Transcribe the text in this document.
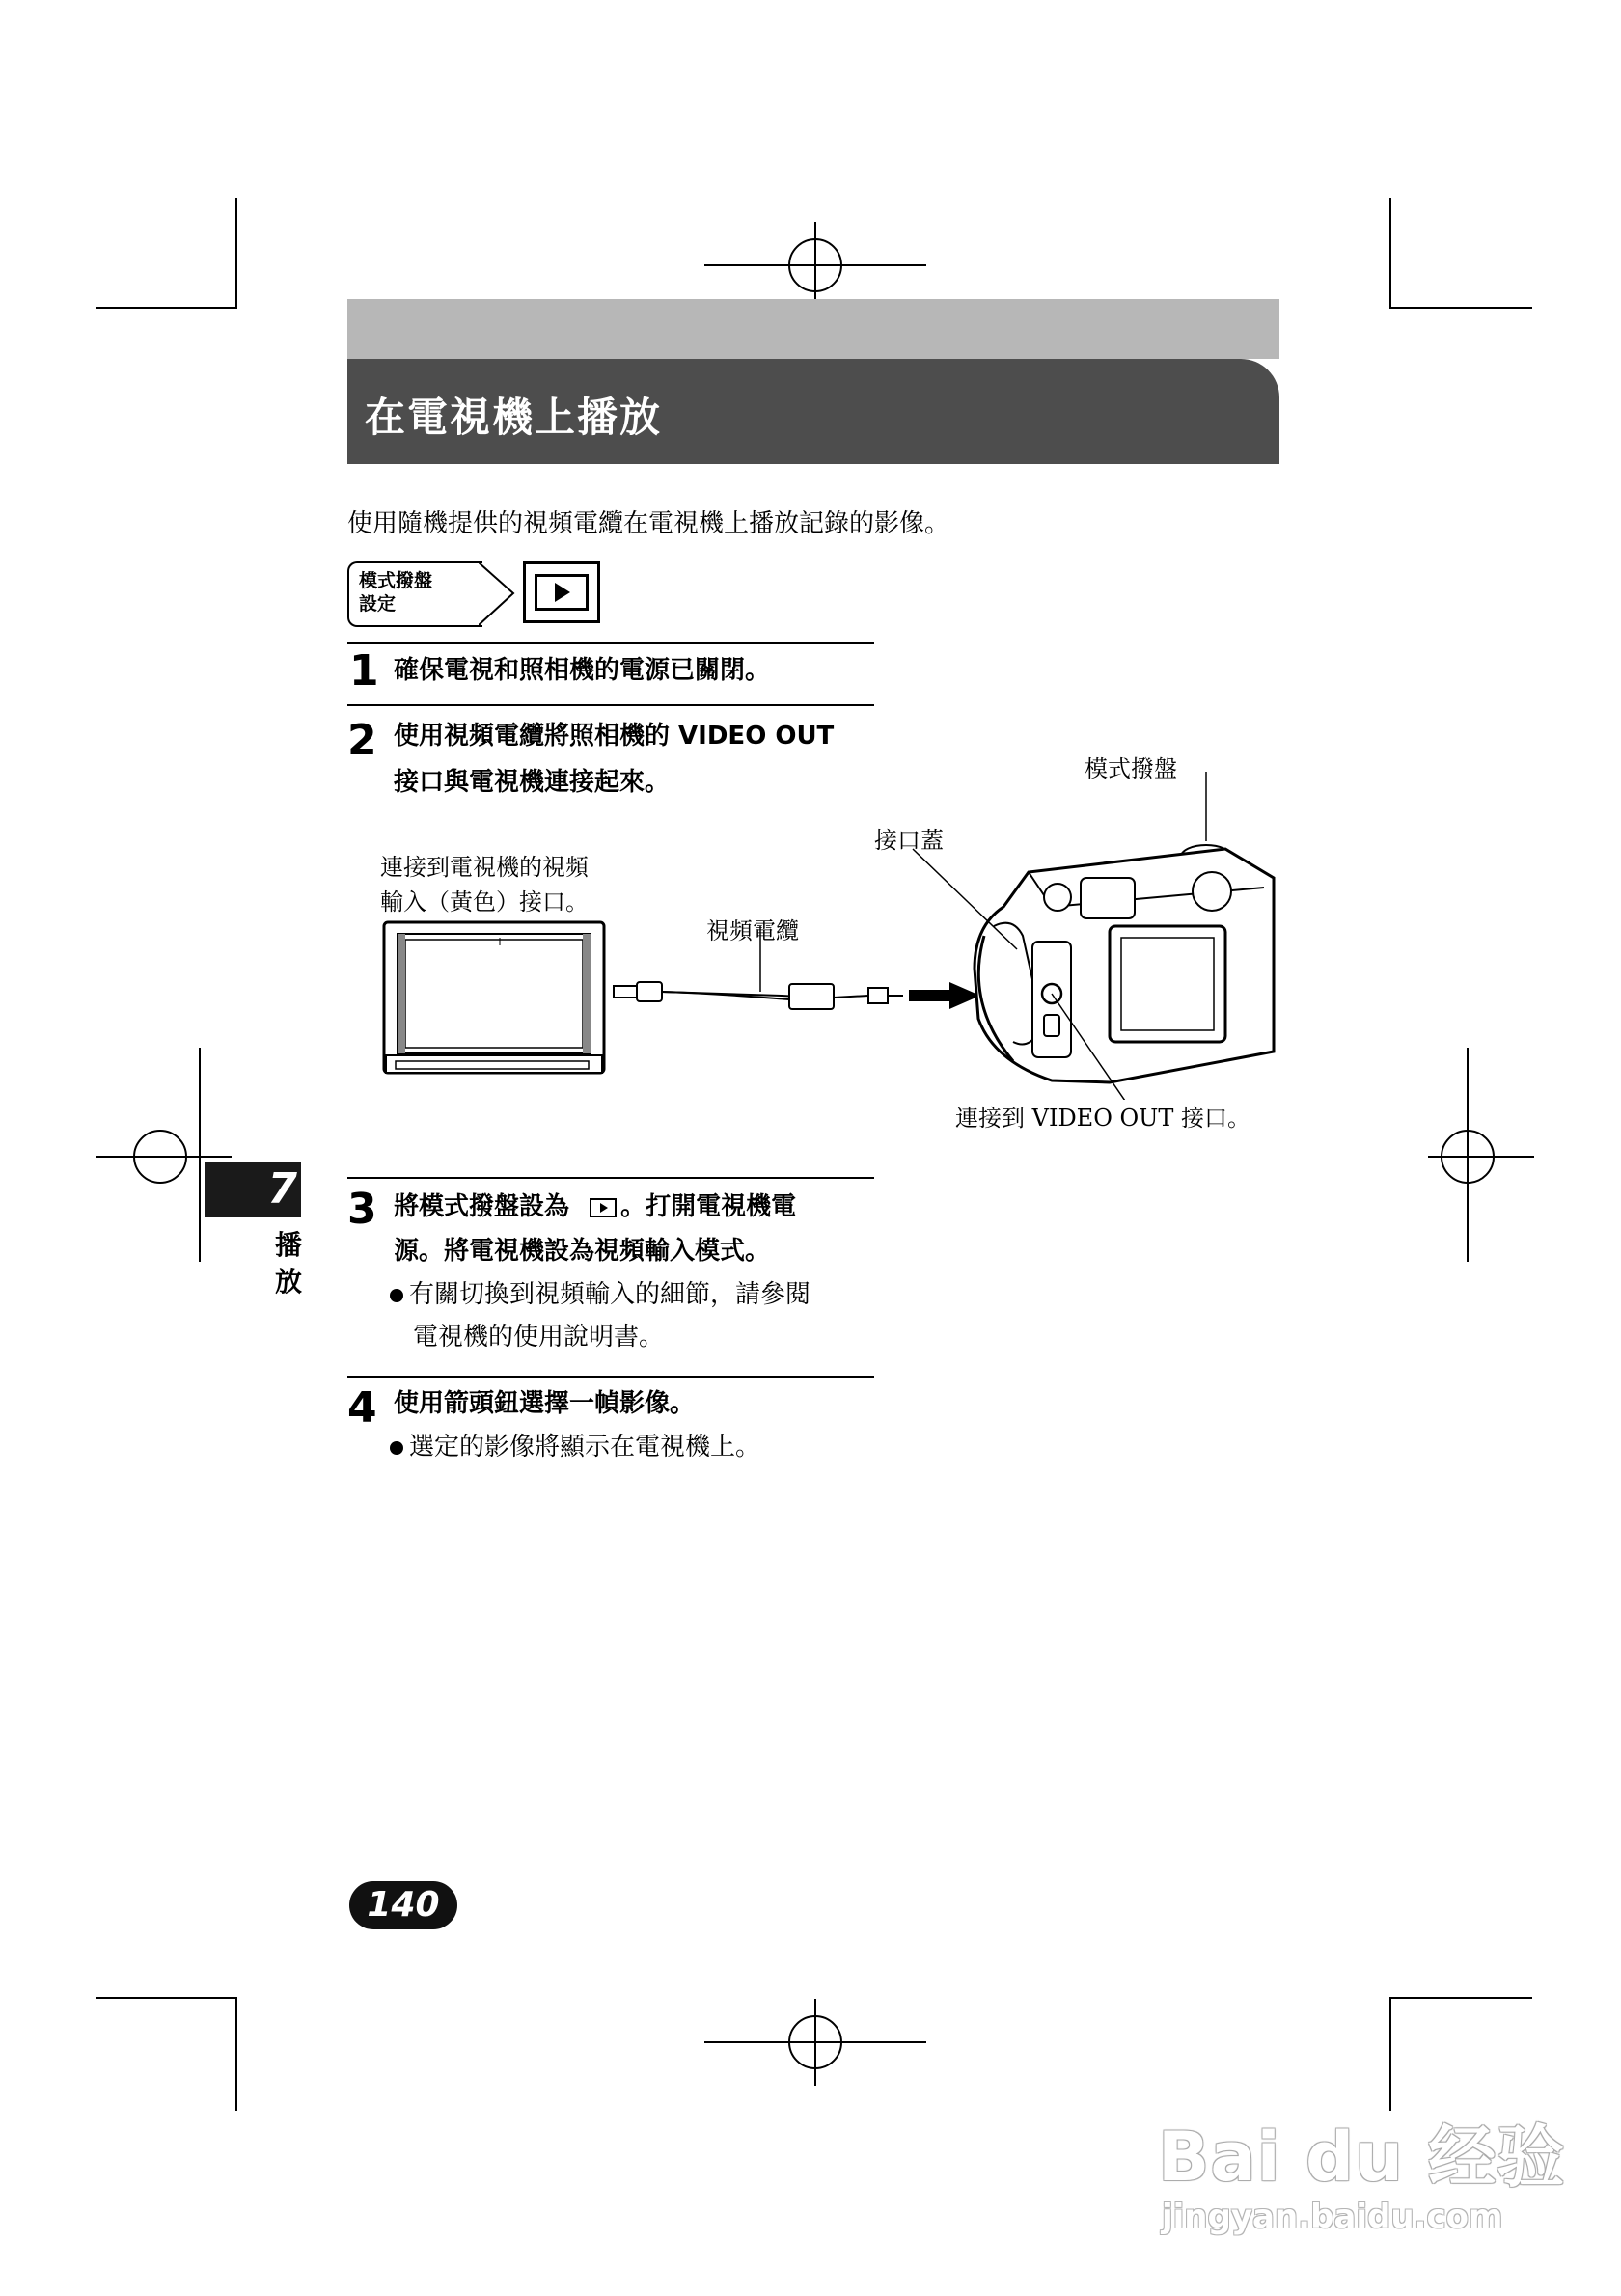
在電視機上播放
使用隨機提供的視頻電纜在電視機上播放記錄的影像。
模式撥盤
設定
1 確保電視和照相機的電源已關閉。
2 使用視頻電纜將照相機的 VIDEO OUT
接口與電視機連接起來。	模式撥盤
接口蓋
連接到電視機的視頻
輸入（黃色）接口。
視頻電纜
連接到 VIDEO OUT 接口。
7
播
放
3 將模式撥盤設為 。打開電視機電
源。將電視機設為視頻輸入模式。
有關切換到視頻輸入的細節，請參閱
電視機的使用說明書。
4 使用箭頭鈕選擇一幀影像。
選定的影像將顯示在電視機上。
140
Bai du 经验
jingyan.baidu.com
